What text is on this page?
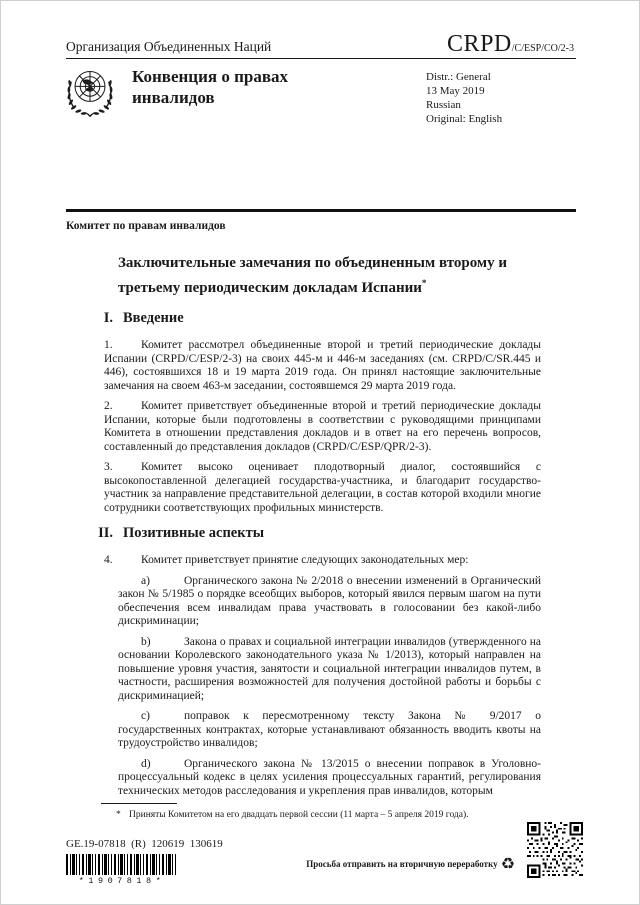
Организация Объединенных Наций	CRPD/C/ESP/CO/2-3
Конвенция о правах инвалидов
Distr.: General
13 May 2019
Russian
Original: English
Комитет по правам инвалидов
Заключительные замечания по объединенным второму и третьему периодическим докладам Испании*
I. Введение

1. Комитет рассмотрел объединенные второй и третий периодические доклады Испании (CRPD/C/ESP/2-3) на своих 445-м и 446-м заседаниях (см. CRPD/C/SR.445 и 446), состоявшихся 18 и 19 марта 2019 года. Он принял настоящие заключительные замечания на своем 463-м заседании, состоявшемся 29 марта 2019 года.

2. Комитет приветствует объединенные второй и третий периодические доклады Испании, которые были подготовлены в соответствии с руководящими принципами Комитета в отношении представления докладов и в ответ на его перечень вопросов, составленный до представления докладов (CRPD/C/ESP/QPR/2-3).

3. Комитет высоко оценивает плодотворный диалог, состоявшийся с высокопоставленной делегацией государства-участника, и благодарит государство-участник за направление представительной делегации, в состав которой входили многие сотрудники соответствующих профильных министерств.

II. Позитивные аспекты

4. Комитет приветствует принятие следующих законодательных мер:

a)	Органического закона № 2/2018 о внесении изменений в Органический закон № 5/1985 о порядке всеобщих выборов, который явился первым шагом на пути обеспечения всем инвалидам права участвовать в голосовании без какой-либо дискриминации;

b)	Закона о правах и социальной интеграции инвалидов (утвержденного на основании Королевского законодательного указа № 1/2013), который направлен на повышение уровня участия, занятости и социальной интеграции инвалидов путем, в частности, расширения возможностей для получения достойной работы и борьбы с дискриминацией;

c)	поправок к пересмотренному тексту Закона № 9/2017 о государственных контрактах, которые устанавливают обязанность вводить квоты на трудоустройство инвалидов;

d)	Органического закона № 13/2015 о внесении поправок в Уголовно-процессуальный кодекс в целях усиления процессуальных гарантий, регулирования технических методов расследования и укрепления прав инвалидов, которым

* Приняты Комитетом на его двадцать первой сессии (11 марта – 5 апреля 2019 года).
GE.19-07818  (R)  120619  130619
*1907818*
Просьба отправить на вторичную переработку ♻
